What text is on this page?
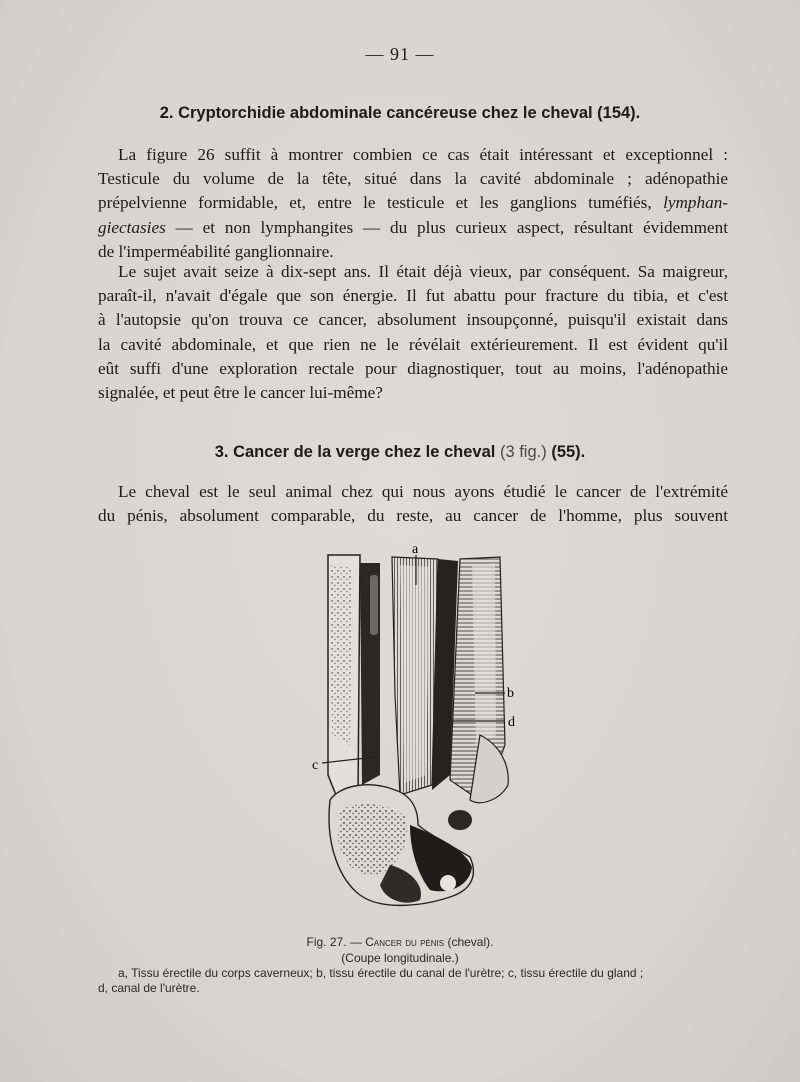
— 91 —
2. Cryptorchidie abdominale cancéreuse chez le cheval (154).
La figure 26 suffit à montrer combien ce cas était intéressant et exceptionnel :
Testicule du volume de la tête, situé dans la cavité abdominale ; adénopathie
prépelvienne formidable, et, entre le testicule et les ganglions tuméfiés, lymphan-
giectasies — et non lymphangites — du plus curieux aspect, résultant évidemment
de l'imperméabilité ganglionnaire.
Le sujet avait seize à dix-sept ans. Il était déjà vieux, par conséquent. Sa maigreur,
paraît-il, n'avait d'égale que son énergie. Il fut abattu pour fracture du tibia, et c'est
à l'autopsie qu'on trouva ce cancer, absolument insoupçonné, puisqu'il existait dans
la cavité abdominale, et que rien ne le révélait extérieurement. Il est évident qu'il
eût suffi d'une exploration rectale pour diagnostiquer, tout au moins, l'adénopathie
signalée, et peut être le cancer lui-même?
3. Cancer de la verge chez le cheval (3 fig.) (55).
Le cheval est le seul animal chez qui nous ayons étudié le cancer de l'extrémité
du pénis, absolument comparable, du reste, au cancer de l'homme, plus souvent
a
b
d
c
Fig. 27. — Cancer du pénis (cheval).
(Coupe longitudinale.)
a, Tissu érectile du corps caverneux; b, tissu érectile du canal de l'urètre; c, tissu érectile du gland ;
d, canal de l'urètre.
